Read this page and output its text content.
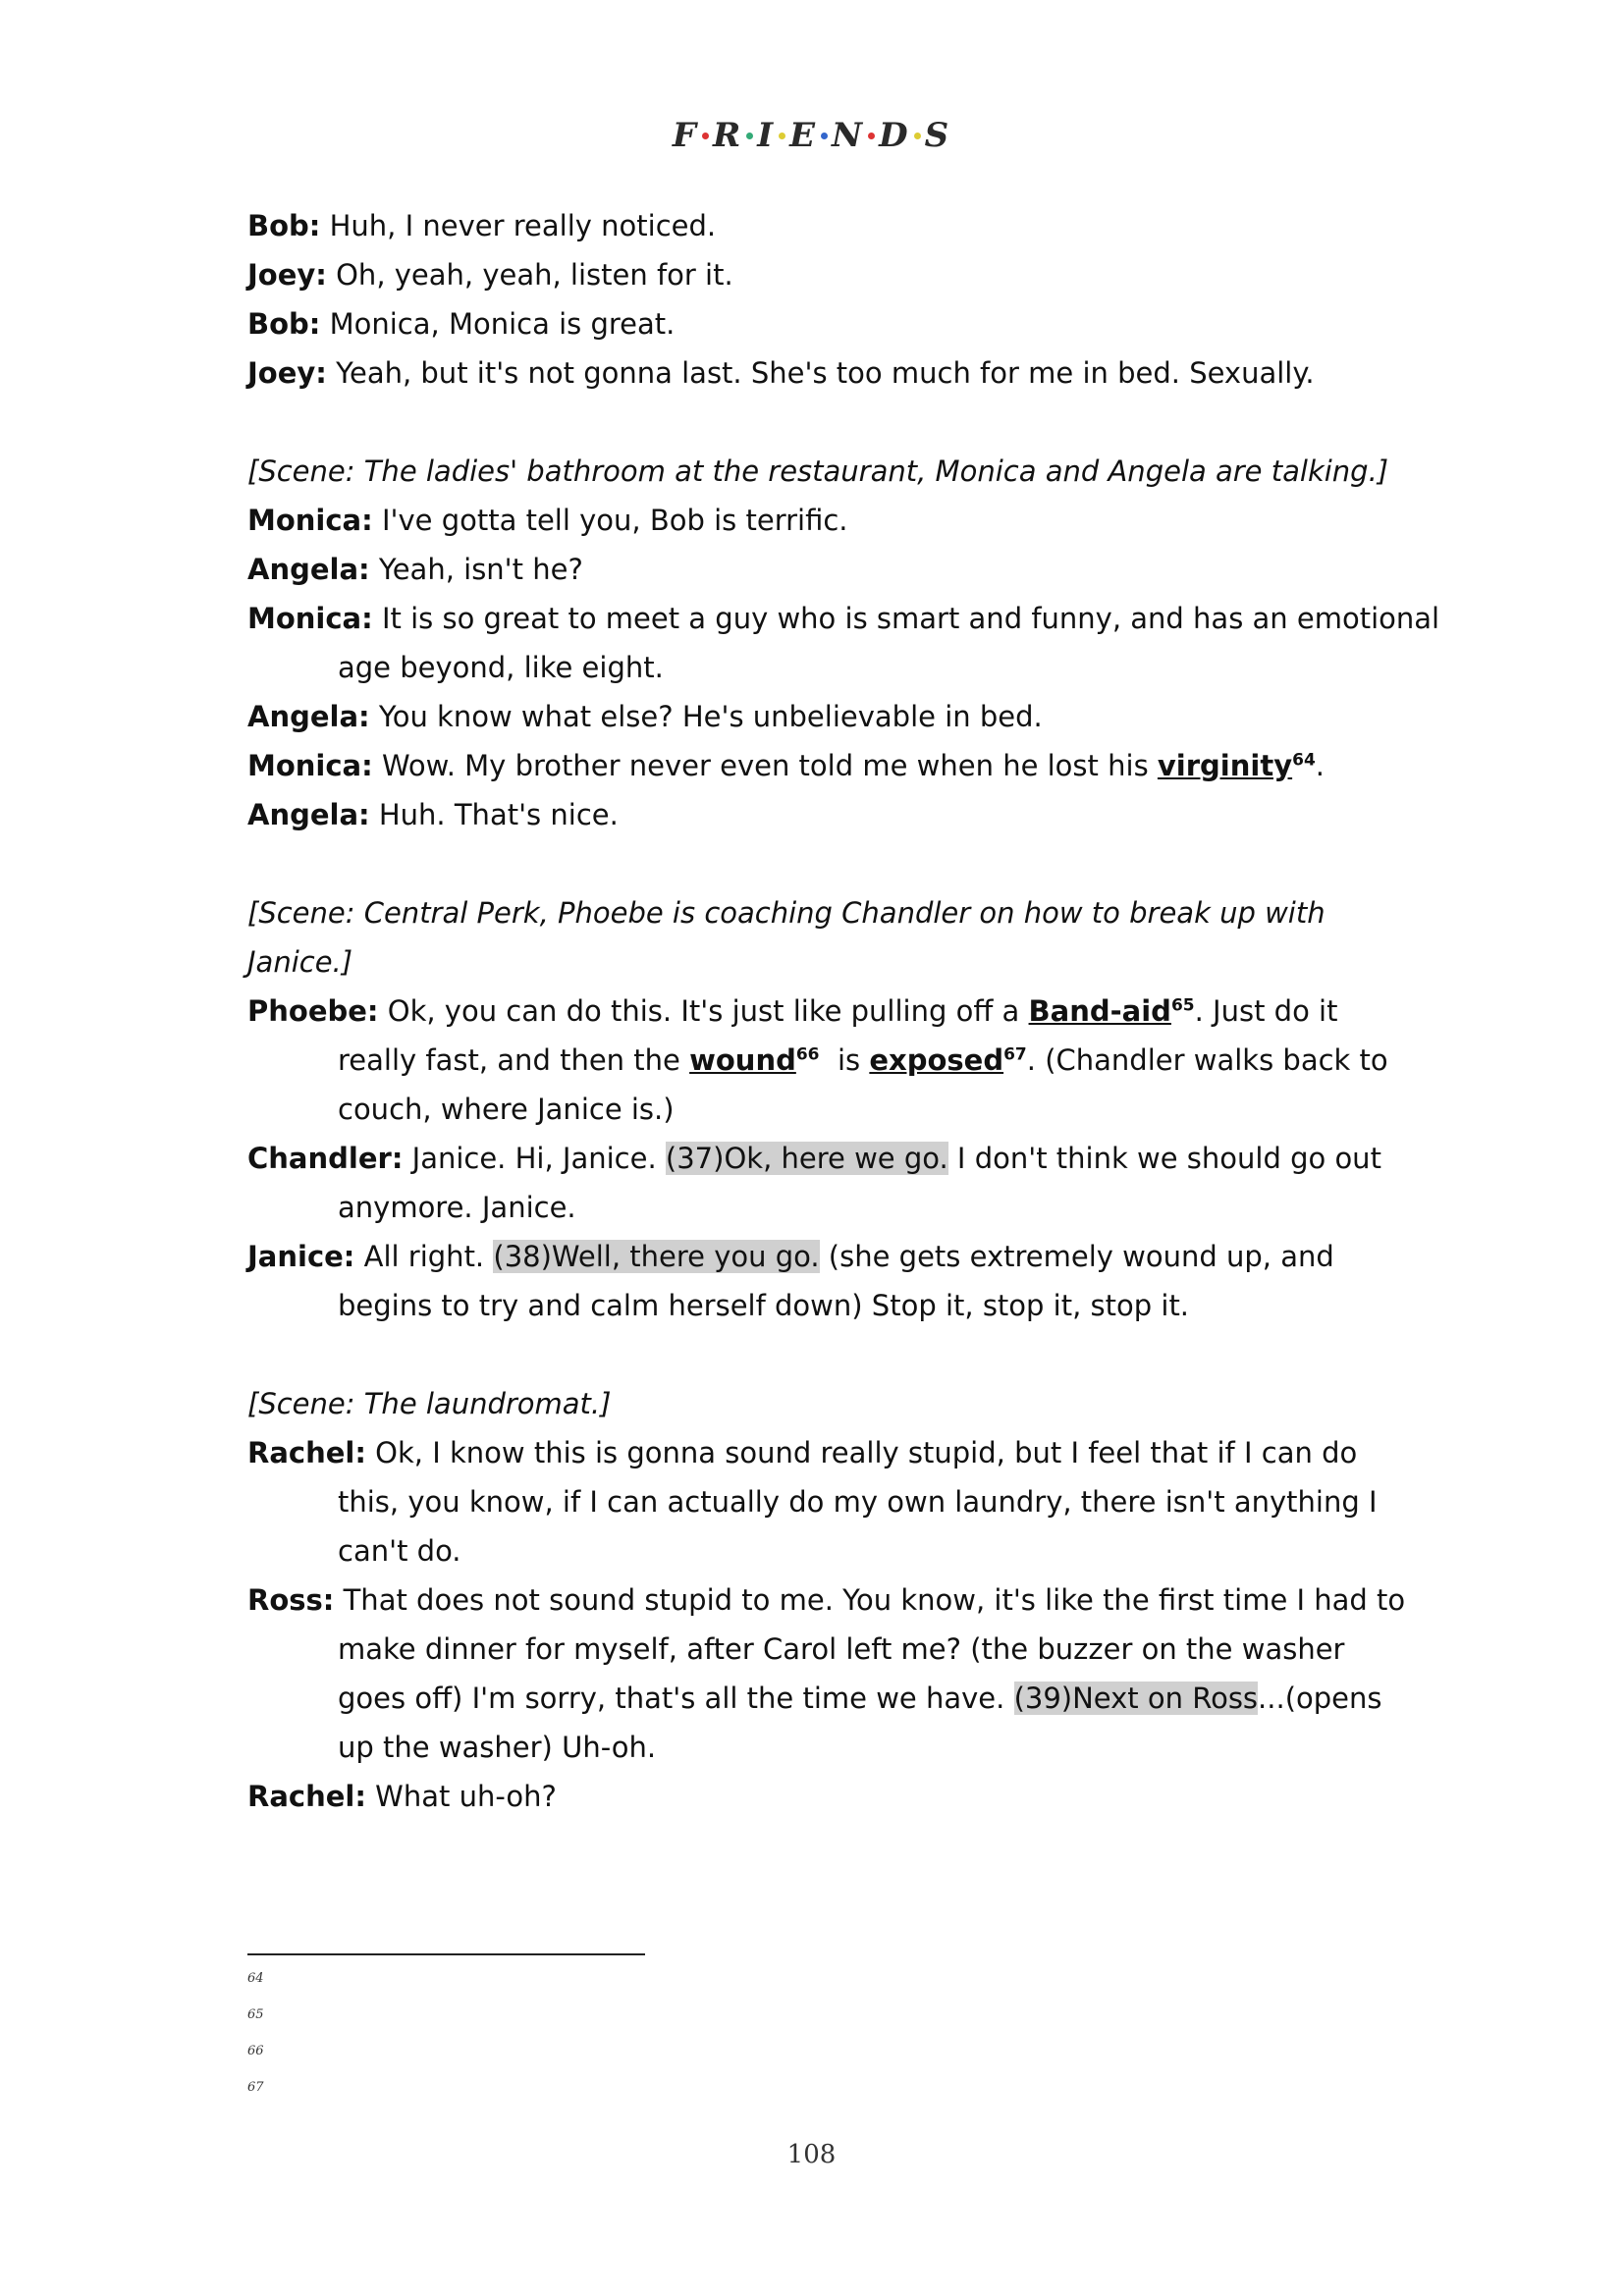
F R I E N D S
Bob: Huh, I never really noticed.
Joey: Oh, yeah, yeah, listen for it.
Bob: Monica, Monica is great.
Joey: Yeah, but it's not gonna last. She's too much for me in bed. Sexually.
[Scene: The ladies' bathroom at the restaurant, Monica and Angela are talking.]
Monica: I've gotta tell you, Bob is terrific.
Angela: Yeah, isn't he?
Monica: It is so great to meet a guy who is smart and funny, and has an emotional
age beyond, like eight.
Angela: You know what else? He's unbelievable in bed.
Monica: Wow. My brother never even told me when he lost his virginity$^{64}$.
Angela: Huh. That's nice.
[Scene: Central Perk, Phoebe is coaching Chandler on how to break up with
Janice.]
Phoebe: Ok, you can do this. It's just like pulling off a Band-aid$^{65}$. Just do it
really fast, and then the wound$^{66}$  is exposed$^{67}$. (Chandler walks back to
couch, where Janice is.)
Chandler: Janice. Hi, Janice. (37)Ok, here we go. I don't think we should go out
anymore. Janice.
Janice: All right. (38)Well, there you go. (she gets extremely wound up, and
begins to try and calm herself down) Stop it, stop it, stop it.
[Scene: The laundromat.]
Rachel: Ok, I know this is gonna sound really stupid, but I feel that if I can do
this, you know, if I can actually do my own laundry, there isn't anything I
can't do.
Ross: That does not sound stupid to me. You know, it's like the first time I had to
make dinner for myself, after Carol left me? (the buzzer on the washer
goes off) I'm sorry, that's all the time we have. (39)Next on Ross...(opens
up the washer) Uh-oh.
Rachel: What uh-oh?
64
65
66
67
108
